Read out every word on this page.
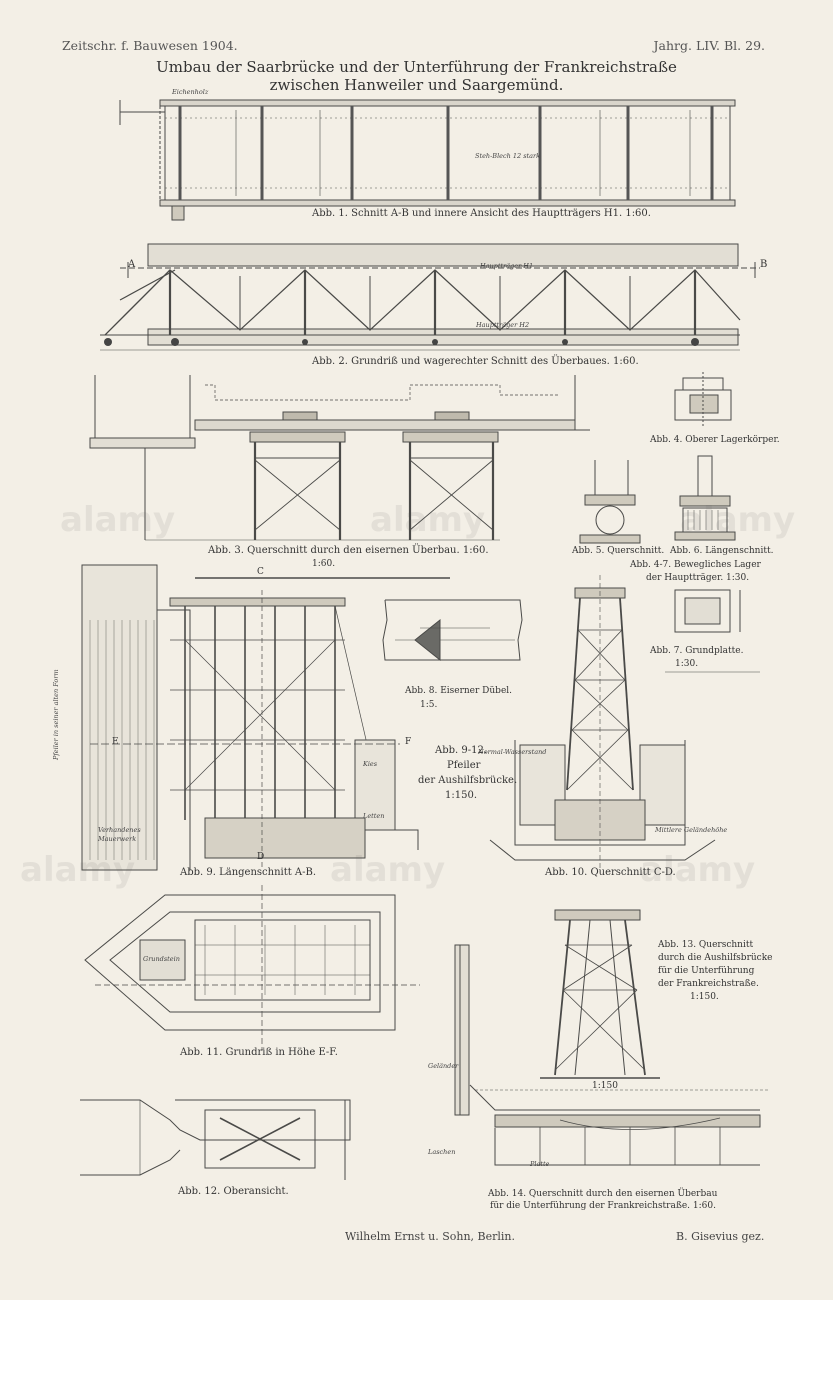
Zeitschr. f. Bauwesen 1904.	Jahrg. LIV. Bl. 29.
Umbau der Saarbrücke und der Unterführung der Frankreichstraße
zwischen Hanweiler und Saargemünd.
alamy	alamy	alamy
alamy	alamy	alamy
Abb. 1. Schnitt A-B und innere Ansicht des Hauptträgers H1. 1:60.
Abb. 2. Grundriß und wagerechter Schnitt des Überbaues. 1:60.
Abb. 3. Querschnitt durch den eisernen Überbau. 1:60.
1:60.
Abb. 4. Oberer Lagerkörper.
Abb. 5. Querschnitt. Abb. 6. Längenschnitt.
Abb. 4-7. Bewegliches Lager
der Hauptträger. 1:30.
Abb. 7. Grundplatte.
1:30.
Abb. 8. Eiserner Dübel.
1:5.
Abb. 9-12.
Pfeiler
der Aushilfsbrücke.
1:150.
Abb. 9. Längenschnitt A-B.	Abb. 10. Querschnitt C-D.
Abb. 11. Grundriß in Höhe E-F.
Abb. 12. Oberansicht.
Abb. 13. Querschnitt
durch die Aushilfsbrücke
für die Unterführung
der Frankreichstraße.
1:150.
1:150
Abb. 14. Querschnitt durch den eisernen Überbau
für die Unterführung der Frankreichstraße. 1:60.
Hauptträger H1
Hauptträger H2
A	B
C
D
E	F
Eichenholz
Steh-Blech 12 stark
Verhandenes
Mauerwerk
Kies
Letten
Grundstein
Normal-Wasserstand
Mittlere Geländehöhe
Geländer
Laschen
Platte
Pfeiler in seiner alten Form
Wilhelm Ernst u. Sohn, Berlin.	B. Gisevius gez.
